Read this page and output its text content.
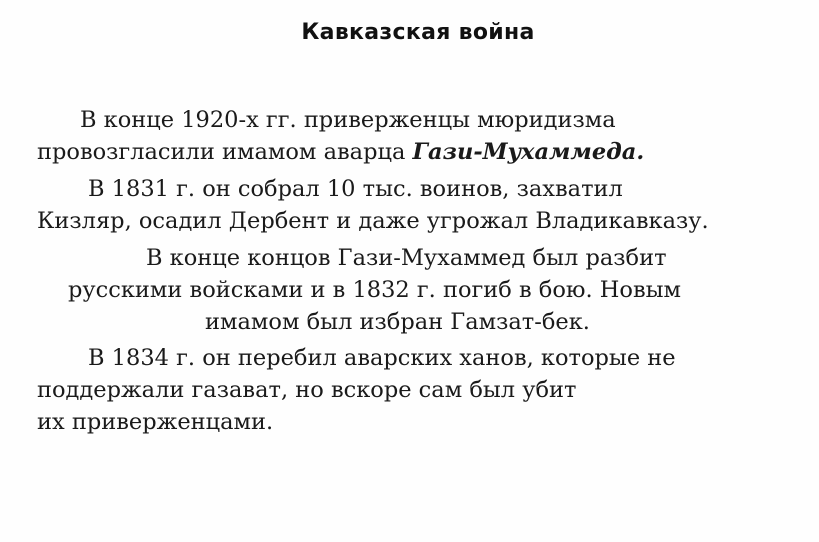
Кавказская война
В конце 1920-х гг. приверженцы мюридизма
провозгласили имамом аварца Гази-Мухаммеда.
В 1831 г. он собрал 10 тыс. воинов, захватил
Кизляр, осадил Дербент и даже угрожал Владикавказу.
В конце концов Гази-Мухаммед был разбит
русскими войсками и в 1832 г. погиб в бою. Новым
имамом был избран Гамзат-бек.
В 1834 г. он перебил аварских ханов, которые не
поддержали газават, но вскоре сам был убит
их приверженцами.
